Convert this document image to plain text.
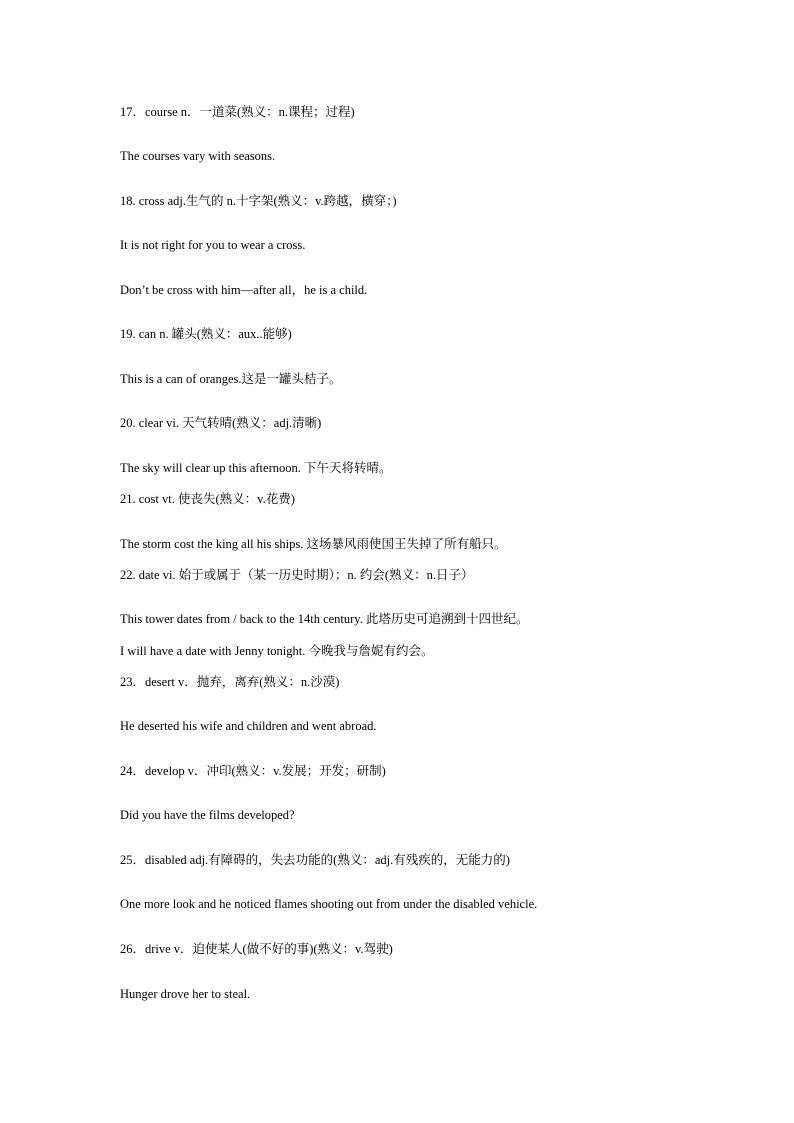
17．course n．一道菜(熟义：n.课程；过程)
The courses vary with seasons.
18. cross adj.生气的 n.十字架(熟义：v.跨越，横穿；)
It is not right for you to wear a cross.
Don’t be cross with him—after all，he is a child.
19. can n. 罐头(熟义：aux..能够)
This is a can of oranges.这是一罐头桔子。
20. clear vi. 天气转晴(熟义：adj.清晰)
The sky will clear up this afternoon. 下午天将转晴。
21. cost vt. 使丧失(熟义：v.花费)
The storm cost the king all his ships. 这场暴风雨使国王失掉了所有船只。
22. date vi. 始于或属于（某一历史时期）；n. 约会(熟义：n.日子）
This tower dates from / back to the 14th century. 此塔历史可追溯到十四世纪。
I will have a date with Jenny tonight. 今晚我与詹妮有约会。
23．desert v．抛弃，离弃(熟义：n.沙漠)
He deserted his wife and children and went abroad.
24．develop v．冲印(熟义：v.发展；开发；研制)
Did you have the films developed?
25．disabled adj.有障碍的，失去功能的(熟义：adj.有残疾的，无能力的)
One more look and he noticed flames shooting out from under the disabled vehicle.
26．drive v．迫使某人(做不好的事)(熟义：v.驾驶)
Hunger drove her to steal.
